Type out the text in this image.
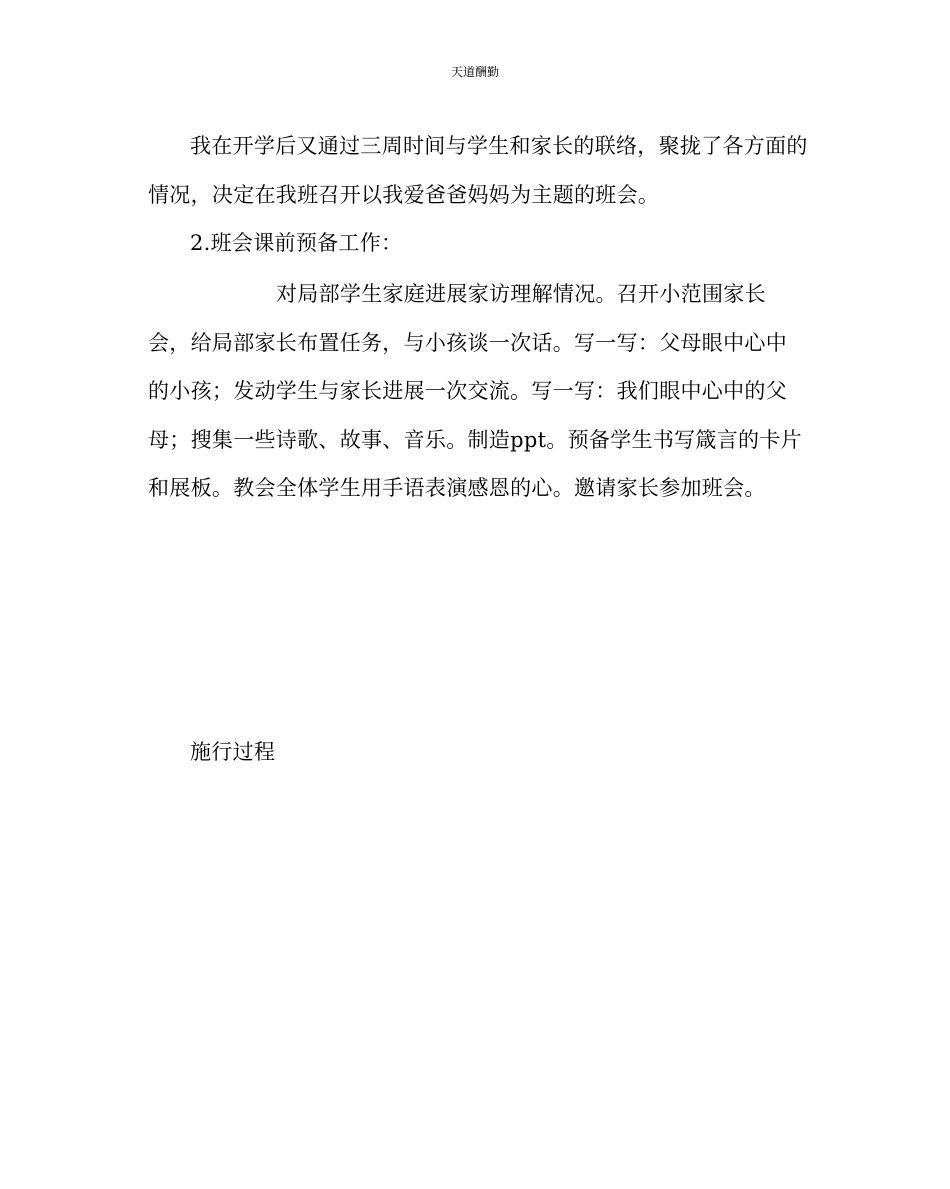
天道酬勤

我在开学后又通过三周时间与学生和家长的联络，聚拢了各方面的情况，决定在我班召开以我爱爸爸妈妈为主题的班会。

2.班会课前预备工作：

对局部学生家庭进展家访理解情况。召开小范围家长会，给局部家长布置任务，与小孩谈一次话。写一写：父母眼中心中的小孩；发动学生与家长进展一次交流。写一写：我们眼中心中的父母；搜集一些诗歌、故事、音乐。制造ppt。预备学生书写箴言的卡片和展板。教会全体学生用手语表演感恩的心。邀请家长参加班会。

施行过程
